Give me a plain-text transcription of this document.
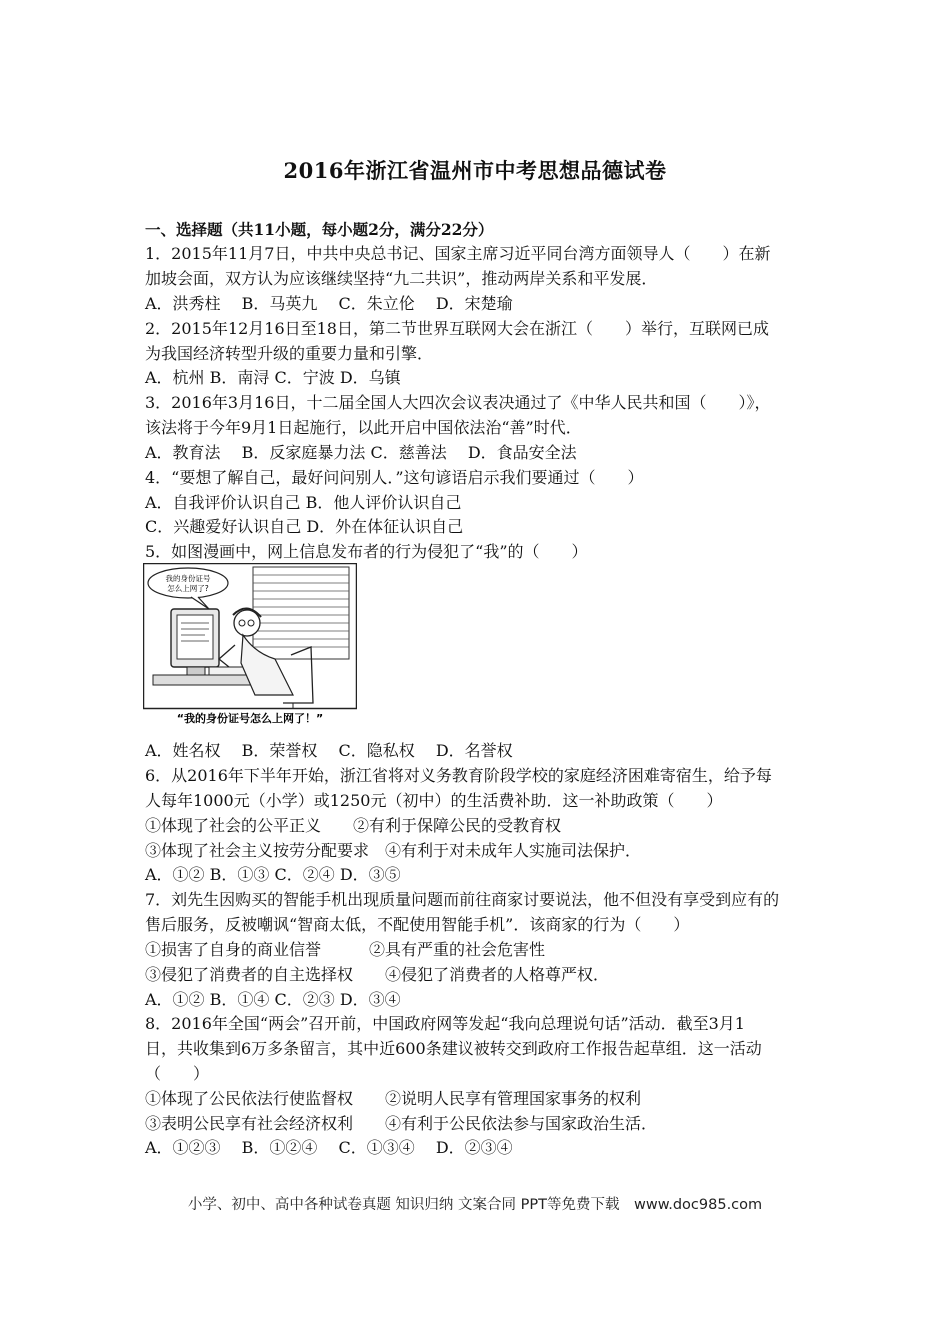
2016年浙江省温州市中考思想品德试卷
一、选择题（共11小题，每小题2分，满分22分）
1．2015年11月7日，中共中央总书记、国家主席习近平同台湾方面领导人（　　）在新
加坡会面，双方认为应该继续坚持“九二共识”，推动两岸关系和平发展．
A．洪秀柱　 B．马英九　 C．朱立伦　 D．宋楚瑜
2．2015年12月16日至18日，第二节世界互联网大会在浙江（　　）举行，互联网已成
为我国经济转型升级的重要力量和引擎．
A．杭州 B．南浔 C．宁波 D．乌镇
3．2016年3月16日，十二届全国人大四次会议表决通过了《中华人民共和国（　　）》，
该法将于今年9月1日起施行，以此开启中国依法治“善”时代．
A．教育法　 B．反家庭暴力法 C．慈善法　 D．食品安全法
4．“要想了解自己，最好问问别人．”这句谚语启示我们要通过（　　）
A．自我评价认识自己 B．他人评价认识自己
C．兴趣爱好认识自己 D．外在体征认识自己
5．如图漫画中，网上信息发布者的行为侵犯了“我”的（　　）
我的身份证号
怎么上网了?
“我的身份证号怎么上网了！”
A．姓名权　 B．荣誉权　 C．隐私权　 D．名誉权
6．从2016年下半年开始，浙江省将对义务教育阶段学校的家庭经济困难寄宿生，给予每
人每年1000元（小学）或1250元（初中）的生活费补助．这一补助政策（　　）
①体现了社会的公平正义　　②有利于保障公民的受教育权
③体现了社会主义按劳分配要求　④有利于对未成年人实施司法保护．
A．①② B．①③ C．②④ D．③⑤
7．刘先生因购买的智能手机出现质量问题而前往商家讨要说法，他不但没有享受到应有的
售后服务，反被嘲讽“智商太低，不配使用智能手机”．该商家的行为（　　）
①损害了自身的商业信誉　　　②具有严重的社会危害性
③侵犯了消费者的自主选择权　　④侵犯了消费者的人格尊严权．
A．①② B．①④ C．②③ D．③④
8．2016年全国“两会”召开前，中国政府网等发起“我向总理说句话”活动．截至3月1
日，共收集到6万多条留言，其中近600条建议被转交到政府工作报告起草组．这一活动
（　　）
①体现了公民依法行使监督权　　②说明人民享有管理国家事务的权利
③表明公民享有社会经济权利　　④有利于公民依法参与国家政治生活．
A．①②③　 B．①②④　 C．①③④　 D．②③④
小学、初中、高中各种试卷真题 知识归纳 文案合同 PPT等免费下载　www.doc985.com
